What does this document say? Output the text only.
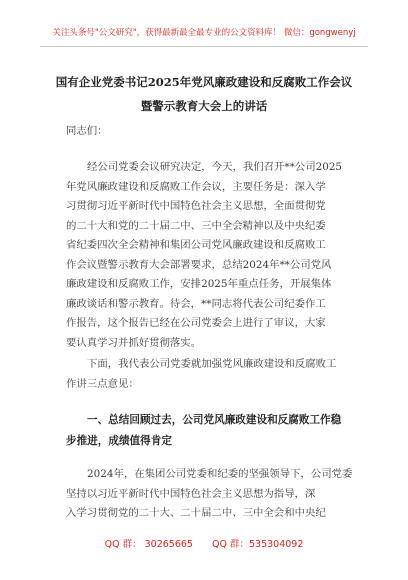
关注头条号"公文研究"，获得最新最全最专业的公文资料库！ 微信：gongwenyj
国有企业党委书记2025年党风廉政建设和反腐败工作会议
暨警示教育大会上的讲话
同志们：
经公司党委会议研究决定，今天，我们召开**公司2025
年党风廉政建设和反腐败工作会议，主要任务是：深入学
习贯彻习近平新时代中国特色社会主义思想，全面贯彻党
的二十大和党的二十届二中、三中全会精神以及中央纪委
省纪委四次全会精神和集团公司党风廉政建设和反腐败工
作会议暨警示教育大会部署要求，总结2024年**公司党风
廉政建设和反腐败工作，安排2025年重点任务，开展集体
廉政谈话和警示教育。待会，**同志将代表公司纪委作工
作报告，这个报告已经在公司党委会上进行了审议，大家
要认真学习并抓好贯彻落实。
下面，我代表公司党委就加强党风廉政建设和反腐败工
作讲三点意见：
一、总结回顾过去，公司党风廉政建设和反腐败工作稳
步推进，成绩值得肯定
2024年，在集团公司党委和纪委的坚强领导下，公司党委
坚持以习近平新时代中国特色社会主义思想为指导，深
入学习贯彻党的二十大、二十届二中、三中全会和中央纪
QQ 群： 30265665 QQ 群：535304092
